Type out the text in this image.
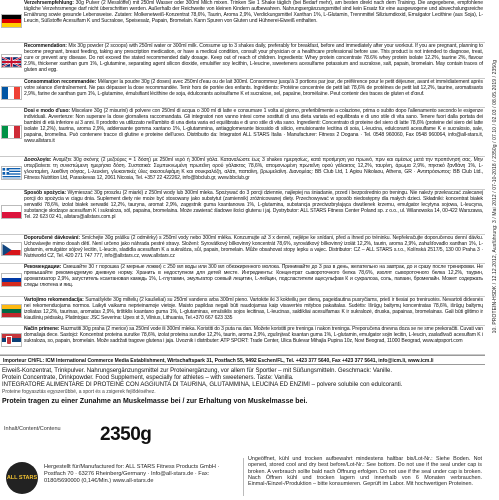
Verzehrsempfehlung: 30g Pulver (2 Messlöffel) mit 250ml Wasser oder 300ml Milch mixen. Trinken Sie 1 Shake täglich (bei Bedarf mehr), am besten direkt nach dem Training. Die angegebene, empfohlene tägliche Verzehrsmenge darf nicht überschritten werden. Außerhalb der Reichweite von kleinen Kindern aufbewahren. Nahrungsergänzungsmittel sind kein Ersatz für eine ausgewogene und abwechslungsreiche Ernährung sowie gesunde Lebensweise. Zutaten: Molkeneiweiß-Konzentrat 78,6%, Taurin, Aroma 2,9%, Verdickungsmittel Xanthan 1%, L-Glutamin, Trennmittel Siliziumdioxid, Emulgator Lecithine (aus Soja), L-Leucin, Süßstoffe Acesulfam K und Sucralose, Speisesalz, Papain, Bromelain. Kann Spuren von Gluten und Hühnerei-Eiweiß enthalten.
Recommendation: Mix 30g powder (2 scoops) with 250ml water or 300ml milk. Consume up to 3 shakes daily, preferably for breakfast, before and immediately after your workout. If you are pregnant, planning to become pregnant, breast feeding, taking any prescription medication, or have a medical condition, consult your physician or a healthcare professional before use. This product is not intended to diagnose, treat, cure or prevent any disease. Do not exceed the stated recommended daily dosage. Keep out of reach of children. Ingredients: Whey protein concentrate 78.6% whey protein isolate 12.2%, taurine 2%, flavour 2.9%, thickener xanthan gum 1%, L-glutamine, separating agent silicon dioxide, emulsifier soy lecithin, L-leucine, sweeteners acesulfame potassium and sucralose, salt, papain, bromelain. May contain traces of gluten and egg.
Consommation recommandée: Mélanger la poudre 30g (2 doses) avec 250ml d'eau ou de lait 300ml. Consommez jusqu'à 3 portions par jour, de préférence pour le petit déjeuner, avant et immédiatement après votre séance d'entraînement. Ne pas dépasser la dose recommandée. Tenir hors de portée des enfants. Ingrédients: Protéine concentrée de petit lait 78,6% de protéines de petit lait 12,2%, taurine, aromatisants 2,9%, farine de xanthan gum 1%, L-glutamine, émulsifiant lécithine de soja, édulcorants acésulfame K et sucralose, sel, papaïne, bromélaïne. Peut contenir des traces de gluten et d'œuf.
Dosi e modo d'uso: Miscelare 30g (2 misurini) di polvere con 250ml di acqua o 300 ml di latte e consumare 1 volta al giorno, preferibilmente a colazione, prima o subito dopo l'allenamento secondo le esigenze individuali. Avvertenze: Non superare la dose giornaliera raccomandata. Gli integratori non vanno intesi come sostituti di una dieta variata ed equilibrata e di uno stile di vita sano. Tenere fuori dalla portata dei bambini di età inferiore ai 3 anni. Il prodotto va utilizzato nell'ambito di una dieta varia ed equilibrata e di uno stile di vita sano. Ingredienti: Concentrato di proteine del siero di latte 78,6% (proteine del siero del latte isolate 12,2%), taurina, aroma 2,9%, addensante gomma xantano 1%, L-glutammina, antiagglomerante biossido di silicio, emulsionante lecitina di soia, L-leucina, edulcoranti acesulfame K e sucralosio, sale, papaina, bromelina. Può contenere tracce di glutine e proteine dell'uovo. Distribuito da: Integratori ALL STARS Italia · Manufacturer: Fitness 2 Dogana · Tel. 0548 960060, Fax 0548 960064, info@all-stars.it, www.allstars.it
Δοσολογία: Αναμίξτε 30g σκόνης (2 μεζούρες = 1 δόση) με 250ml νερό ή 300ml γάλα. Καταναλώστε έως 3 shakes ημερησίως, κατά προτίμηση για πρωινό, πριν και αμέσως μετά την προπόνησή σας. Μην υπερβαίνετε τη συνιστώμενη ημερήσια δόση. Συστατικά: Συμπυκνωμένη πρωτεΐνη ορού γάλακτος 78,6%, απομονωμένη πρωτεΐνη ορού γάλακτος 12,2%, ταυρίνη, άρωμα 2,9%, πηκτικό ξανθάνη 1%, L-γλουταμίνη, λεκιθίνη σόγιας, L-λευκίνη, γλυκαντικές ύλες ακεσουλφάμη Κ και σουκραλόζη, αλάτι, παπαΐνη, βρωμελαΐνη. Διανομέας: BB Club Ltd, 1 Agiou Nikolaou, Athens, GR · Αντιπρόσωπος: BB Club Ltd., Fitness Nutrition Ltd, Paraskevas 12, 2061 Nicosia, Tel. +357 22 422262, info@bbclub.gr, www.bbclub.gr
Sposób spożycia: Wymieszać 30g proszku (2 miarki) z 250ml wody lub 300ml mleka. Spożywać do 3 porcji dziennie, najlepiej na śniadanie, przed i bezpośrednio po treningu. Nie należy przekraczać zalecanej porcji do spożycia w ciągu dnia. Suplement diety nie może być stosowany jako substytut (zamiennik) zróżnicowanej diety. Przechowywać w sposób niedostępny dla małych dzieci. Składniki: koncentrat białek serwatki 78,6%, izolat białek serwatki 12,2%, tauryna, aromat 2,9%, zagęstnik guma ksantanowa 1%, L-glutamina, substancja przeciwzbrylająca dwutlenek krzemu, emulgator lecytyna sojowa, L-leucyna, substancje słodzące acesulfam K i sukraloza, sól, papaina, bromelaina. Może zawierać śladowe ilości glutenu i jaj. Dystrybutor: ALL STARS Fitness Center Poland sp. z o.o., ul. Wilanowska 14, 00-422 Warszawa, Tel. 22 623 02 41, allstars@allstars.com.pl
Doporučené dávkování: Smíchejte 30g prášku (2 odměrky) s 250ml vody nebo 300ml mléka. Konzumujte až 3 x denně, nejlépe ke snídani, před a ihned po tréninku. Nepřekračujte doporučenou denní dávku. Uchovávejte mimo dosah dětí. Není určeno jako náhrada pestré stravy. Složení: Syrovátkový bílkovinný koncentrát 78,6%, syrovátkový bílkovinný izolát 12,2%, taurin, aroma 2,9%, zahušťovadlo xanthan 1%, L-glutamin, emulgátor sójový lecitin, L-leucin, sladidla acesulfam K a sukralóza, sůl, papain, bromelain. Může obsahovat stopy lepku a vajec. Distributor: CZ – ALL STARS s.r.o., Kolínská 2517/5, 130 00 Praha 3 · Nutriworld CZ, Tel. 420 271 747 777, info@allstars.cz, www.allstars.cz
Рекомендации: Смешайте 30 г порошка (2 мерные ложки) с 250 мл воды или 300 мл обезжиренного молока. Принимайте до 3 раз в день, желательно на завтрак, до и сразу после тренировки. Не превышайте рекомендуемую дневную норму. Хранить в недоступном для детей месте. Ингредиенты: Концентрат сывороточного белка 78,6%, изолят сывороточного белка 12,2%, таурин, ароматизатор 2,9%, загуститель ксантановая камедь 1%, L-глутамин, эмульгатор соевый лецитин, L-лейцин, подсластители ацесульфам К и сукралоза, соль, папаин, бромелайн. Может содержать следы глютена и яиц.
Vartojimo rekomendacija: Sumaišykite 30g miltelių (2 kaušeliai) su 250ml vandens arba 300ml pieno. Vartokite iki 3 kokteilių per dieną, pageidautina pusryčiams, prieš ir tiesiai po treniruotės. Nevartoti didesnės nei rekomenduojama normos. Laikyti vaikams neprieinamoje vietoje. Maisto papildas negali būti naudojamas kaip visavertės mitybos pakaitalas. Sudėtis: Išrūgų baltymų koncentratas 78,6%, išrūgų baltymų izoliatas 12,2%, taurinas, aromatas 2,9%, tirštiklis ksantano guma 1%, L-glutaminas, emulsiklis sojos lecitinas, L-leucinas, saldikliai acesulfamas K ir sukralozė, druska, papainas, bromelainas. Gali būti glitimo ir kiaušinių pėdsakų. Platintojas: JSC Severina: Upes st 3, Vilnius, Lithuania, Tel.+370 667 623 335
Način primene: Razmutiti 30g praha (2 merice) sa 250ml vode ili 300ml mleka. Koristiti do 3 puta na dan. Možete koristiti pre treninga i nakon treninga. Preporučena dnevna doza se ne sme prekoračiti. Čuvati van domašaja dece. Sastojci: Koncentrat proteina surutke 78,6%, izolat proteina surutke 12,2%, taurin, aroma 2,9%, zgušnjivač ksantan guma 1%, L-glutamin, emulgator sojin lecitin, L-leucin, zaslađivači acesulfam K i sukraloza, so, papain, bromelain. Može sadržati tragove glutena i jaja. Uvoznik i distributer: ATP SPORT: Trade Center, Ulica Bulevar Mihajla Pupina 10z, Novi Beograd, 11000 Beograd, www.atpsport.com
Importeur CH/FL: ICM International Commerce Media Establishment, Wirtschaftspark 31, Postfach 55, 9492 Eschen/FL, Tel. +423 377 5640, Fax +423 377 5641, info@icm.li, www.icm.li
10. PROTEIN-HSDK / 12.12.2012, Ausführung: 3 / Mai 2012 / 07-10-2018 / 2350g / 07.10 / 02.03 / 08.05.2019 / 2350g
Eiweiß-Konzentrat, Trinkpulver. Nahrungsergänzungsmittel zur Proteinergänzung, vor allem für Sportler – mit Süßungsmitteln. Geschmack: Vanille.
Protein Concentrate, Drinkpowder. Food Supplement, especially for athletes – with sweeteners. Taste: Vanilla.
INTEGRATORE ALIMENTARE DI PROTEINE CON AGGIUNTA DI TAURINA, GLUTAMMINA, LEUCINA ED ENZIMI – polvere solubile con edulcoranti.
Proteine fogyasztás egyszerűbbé, a sport és a zsigerek fejlődéséhez.
Protein tragen zu einer Zunahme an Muskelmasse bei / zur Erhaltung von Muskelmasse bei.
Inhalt/Content/Contenu 2350g
ALL STARS
Hergestellt für/Manufactured for: ALL STARS Fitness Products GmbH · Postfach 70 · 63276 Rheinberg/Germany · Info@all-stars.de · Fax: 0180/5690000 (0,14€/Min.) www.all-stars.de
Ungeöffnet, kühl und trocken aufbewahrt mindestens haltbar bis/Lot-Nr.: Siehe Boden. Not opened, stored cool and dry best before/Lot-Nr.: See bottom. Do not use if the seal under cap is broken. A verbrauch sollte bald nach Öffnung erfolgen. Do not use if the seal under cap is broken. Nach Öffnen kühl und trocken lagern und innerhalb von 6 Monaten verbrauchen. Einmal-/Einzel-/Produktion – bitte konsumieren. Geprüft im Labor. Mit hochwertigen Proteinen.
